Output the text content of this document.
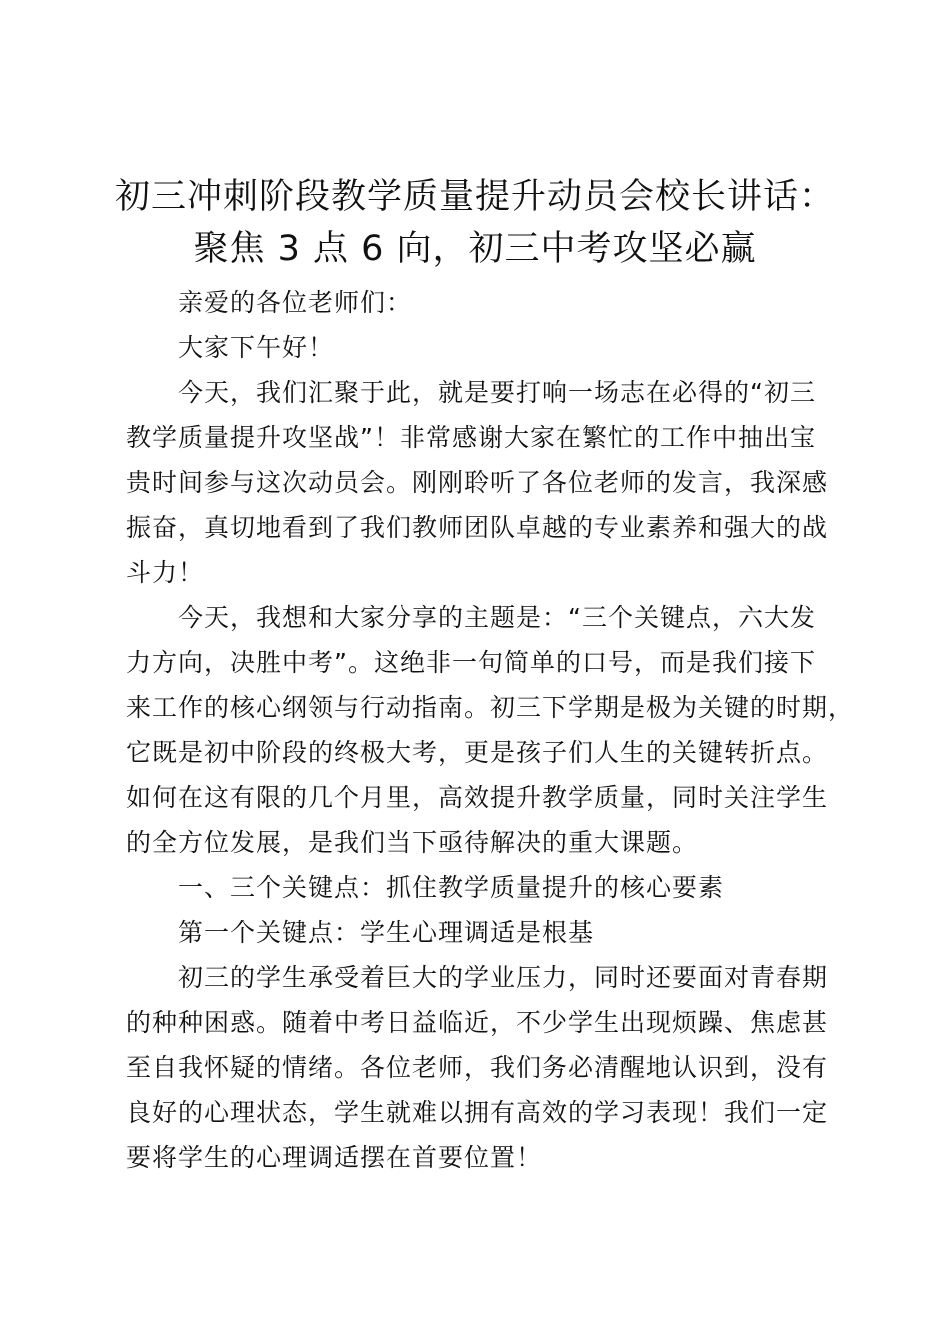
初三冲刺阶段教学质量提升动员会校长讲话：
聚焦 3 点 6 向，初三中考攻坚必赢
亲爱的各位老师们：
大家下午好！
今天，我们汇聚于此，就是要打响一场志在必得的“初三
教学质量提升攻坚战”！非常感谢大家在繁忙的工作中抽出宝
贵时间参与这次动员会。刚刚聆听了各位老师的发言，我深感
振奋，真切地看到了我们教师团队卓越的专业素养和强大的战
斗力！
今天，我想和大家分享的主题是：“三个关键点，六大发
力方向，决胜中考”。这绝非一句简单的口号，而是我们接下
来工作的核心纲领与行动指南。初三下学期是极为关键的时期，
它既是初中阶段的终极大考，更是孩子们人生的关键转折点。
如何在这有限的几个月里，高效提升教学质量，同时关注学生
的全方位发展，是我们当下亟待解决的重大课题。
一、三个关键点：抓住教学质量提升的核心要素
第一个关键点：学生心理调适是根基
初三的学生承受着巨大的学业压力，同时还要面对青春期
的种种困惑。随着中考日益临近，不少学生出现烦躁、焦虑甚
至自我怀疑的情绪。各位老师，我们务必清醒地认识到，没有
良好的心理状态，学生就难以拥有高效的学习表现！我们一定
要将学生的心理调适摆在首要位置！
